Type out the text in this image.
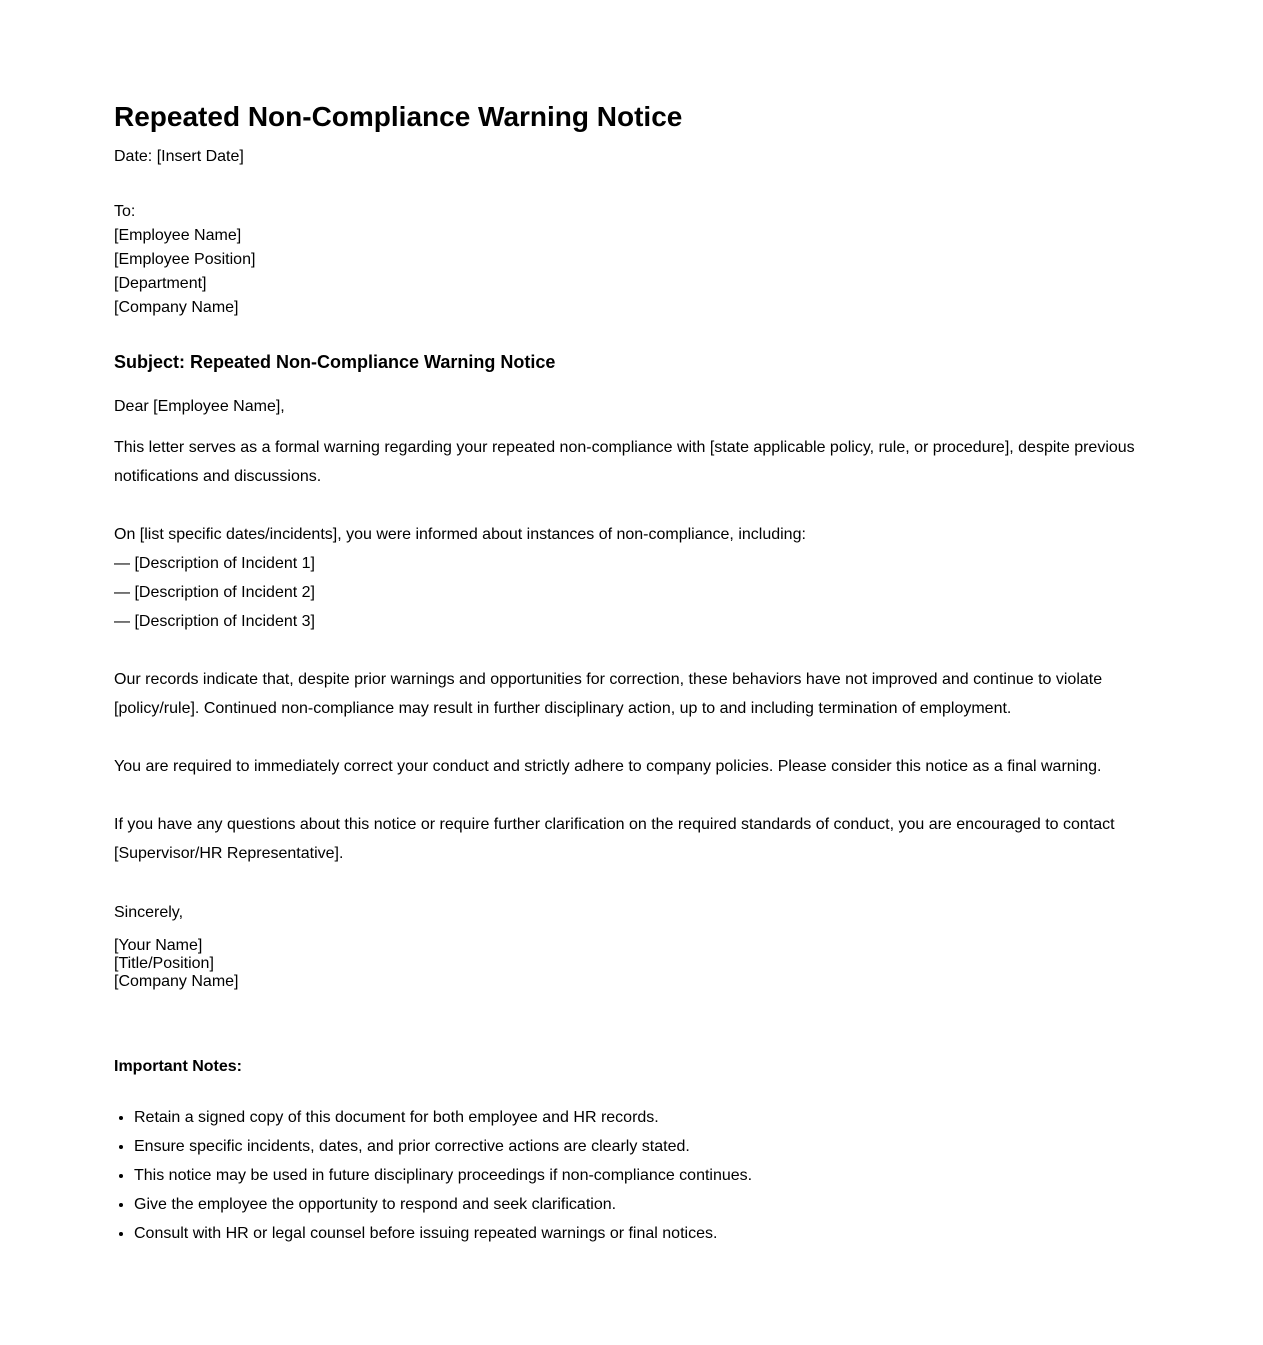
Repeated Non-Compliance Warning Notice
Date: [Insert Date]
To:
[Employee Name]
[Employee Position]
[Department]
[Company Name]
Subject: Repeated Non-Compliance Warning Notice
Dear [Employee Name],
This letter serves as a formal warning regarding your repeated non-compliance with [state applicable policy, rule, or procedure], despite previous notifications and discussions.
On [list specific dates/incidents], you were informed about instances of non-compliance, including:
— [Description of Incident 1]
— [Description of Incident 2]
— [Description of Incident 3]
Our records indicate that, despite prior warnings and opportunities for correction, these behaviors have not improved and continue to violate [policy/rule]. Continued non-compliance may result in further disciplinary action, up to and including termination of employment.
You are required to immediately correct your conduct and strictly adhere to company policies. Please consider this notice as a final warning.
If you have any questions about this notice or require further clarification on the required standards of conduct, you are encouraged to contact [Supervisor/HR Representative].
Sincerely,
[Your Name]
[Title/Position]
[Company Name]
Important Notes:
• Retain a signed copy of this document for both employee and HR records.
• Ensure specific incidents, dates, and prior corrective actions are clearly stated.
• This notice may be used in future disciplinary proceedings if non-compliance continues.
• Give the employee the opportunity to respond and seek clarification.
• Consult with HR or legal counsel before issuing repeated warnings or final notices.
